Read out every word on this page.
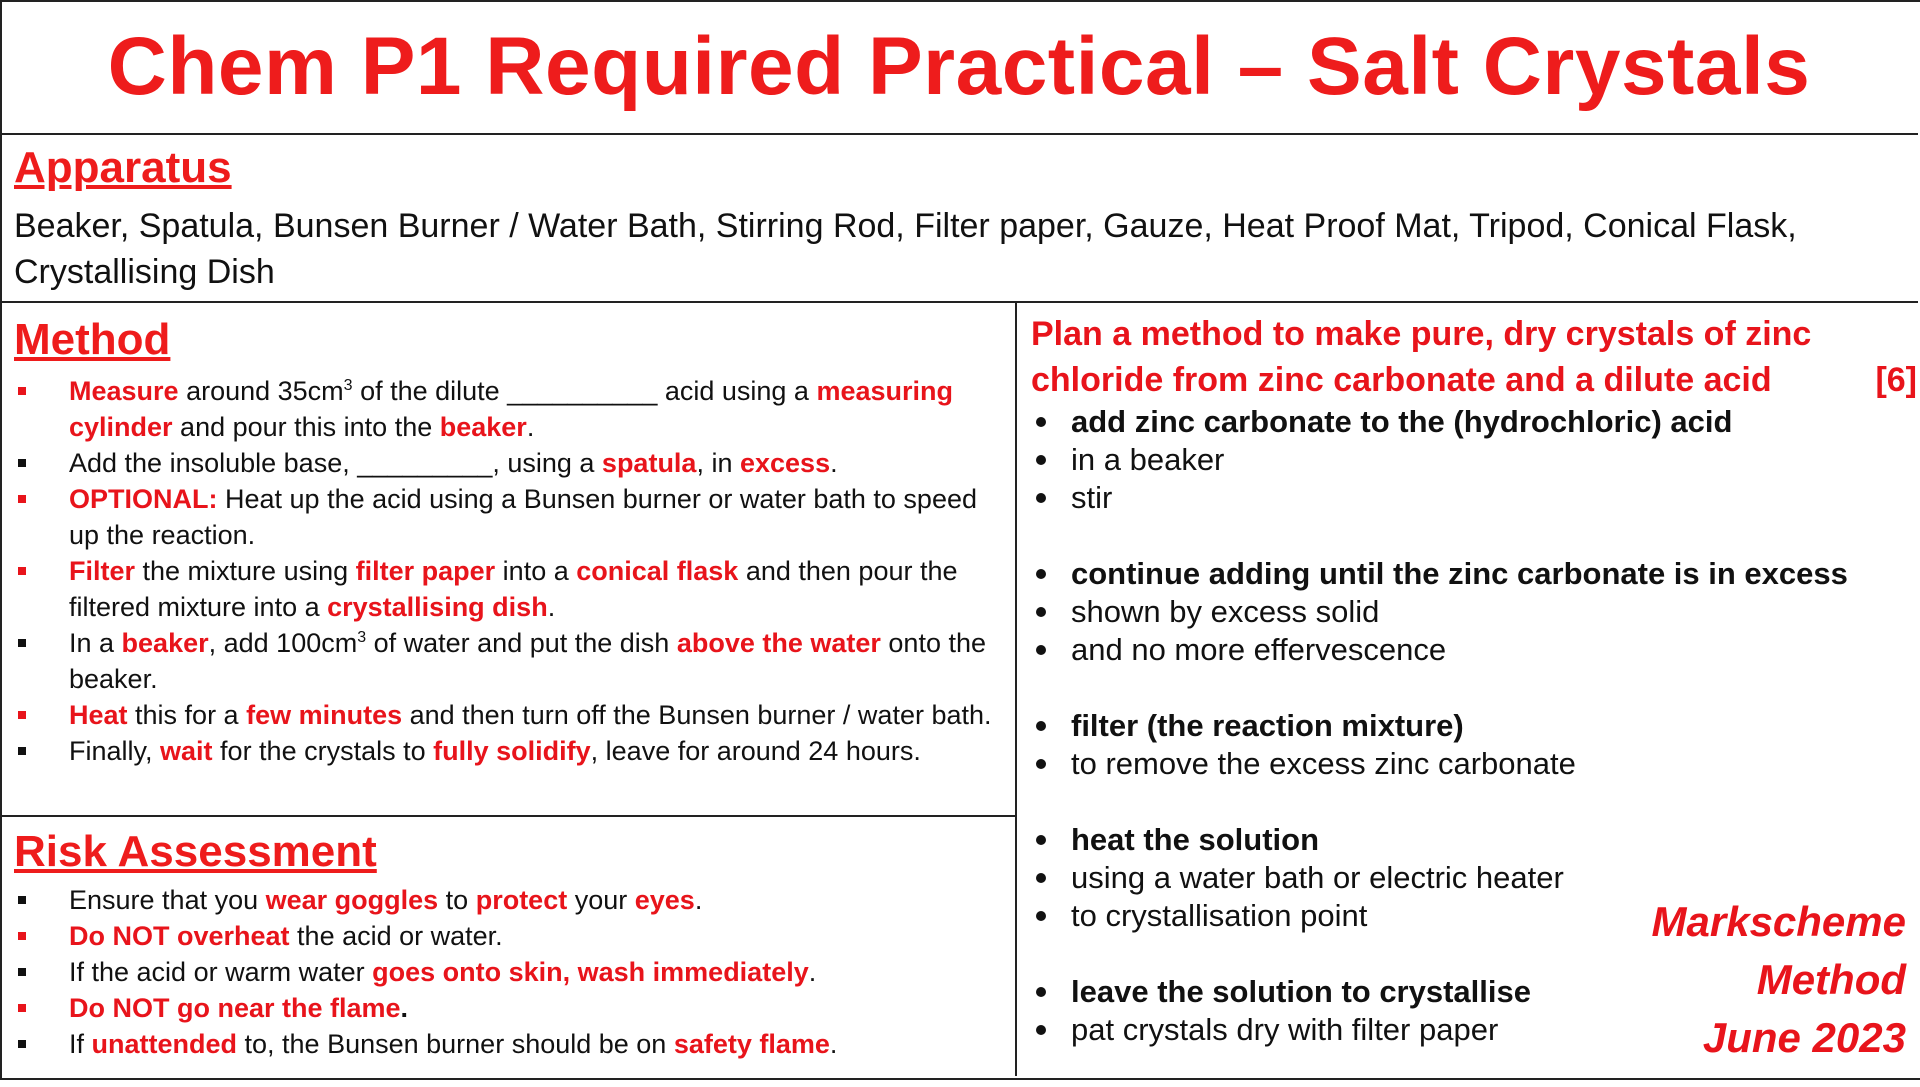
Chem P1 Required Practical – Salt Crystals
Apparatus
Beaker, Spatula, Bunsen Burner / Water Bath, Stirring Rod, Filter paper, Gauze, Heat Proof Mat, Tripod, Conical Flask, Crystallising Dish
Method
Measure around $35cm^3$ of the dilute __________ acid using a measuring cylinder and pour this into the beaker.
Add the insoluble base, _________, using a spatula, in excess.
OPTIONAL: Heat up the acid using a Bunsen burner or water bath to speed up the reaction.
Filter the mixture using filter paper into a conical flask and then pour the filtered mixture into a crystallising dish.
In a beaker, add $100cm^3$ of water and put the dish above the water onto the beaker.
Heat this for a few minutes and then turn off the Bunsen burner / water bath.
Finally, wait for the crystals to fully solidify, leave for around 24 hours.
Risk Assessment
Ensure that you wear goggles to protect your eyes.
Do NOT overheat the acid or water.
If the acid or warm water goes onto skin, wash immediately.
Do NOT go near the flame.
If unattended to, the Bunsen burner should be on safety flame.
Plan a method to make pure, dry crystals of zinc chloride from zinc carbonate and a dilute acid	[6]
add zinc carbonate to the (hydrochloric) acid
in a beaker
stir
continue adding until the zinc carbonate is in excess
shown by excess solid
and no more effervescence
filter (the reaction mixture)
to remove the excess zinc carbonate
heat the solution
using a water bath or electric heater
to crystallisation point
leave the solution to crystallise
pat crystals dry with filter paper
Markscheme
Method
June 2023
